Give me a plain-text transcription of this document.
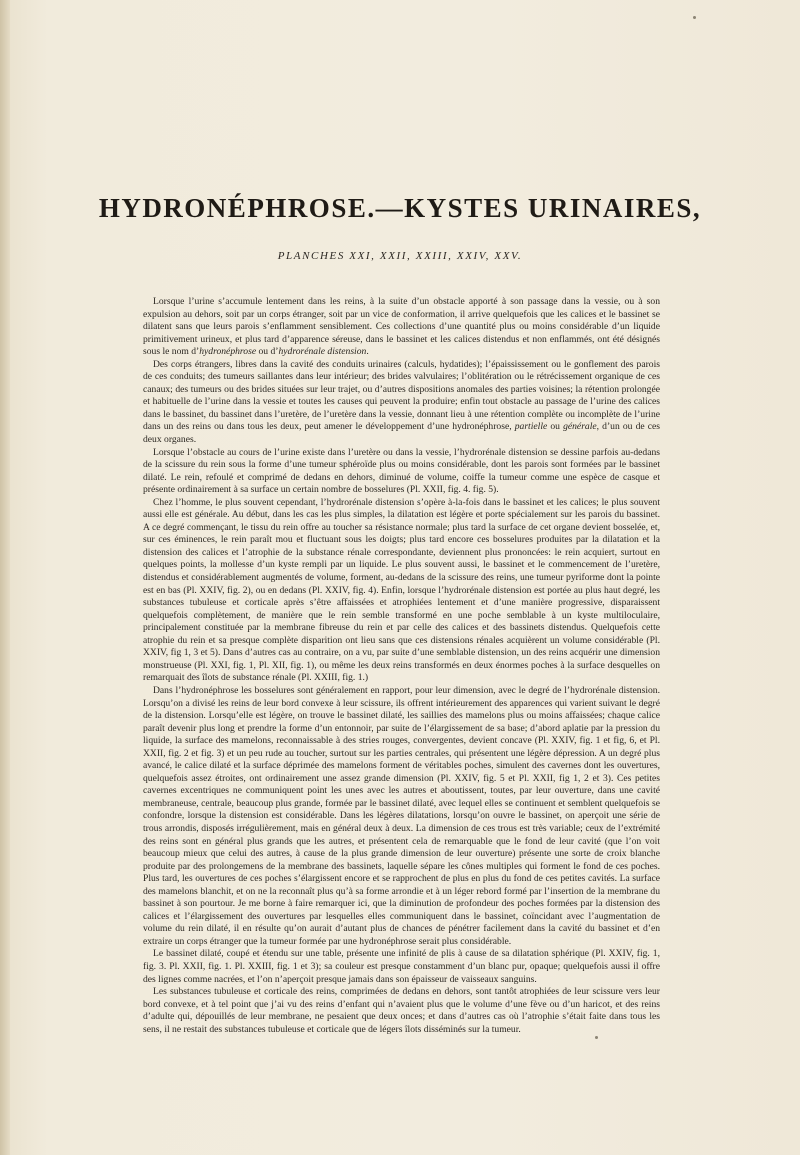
HYDRONÉPHROSE.—KYSTES URINAIRES,
PLANCHES XXI, XXII, XXIII, XXIV, XXV.

Lorsque l’urine s’accumule lentement dans les reins, à la suite d’un obstacle apporté à son passage dans la vessie, ou à son expulsion au dehors, soit par un corps étranger, soit par un vice de conformation, il arrive quelquefois que les calices et le bassinet se dilatent sans que leurs parois s’enflamment sensiblement. Ces collections d’une quantité plus ou moins considérable d’un liquide primitivement urineux, et plus tard d’apparence séreuse, dans le bassinet et les calices distendus et non enflammés, ont été désignés sous le nom d’hydronéphrose ou d’hydrorénale distension.

Des corps étrangers, libres dans la cavité des conduits urinaires (calculs, hydatides); l’épaississement ou le gonflement des parois de ces conduits; des tumeurs saillantes dans leur intérieur; des brides valvulaires; l’oblitération ou le rétrécissement organique de ces canaux; des tumeurs ou des brides situées sur leur trajet, ou d’autres dispositions anomales des parties voisines; la rétention prolongée et habituelle de l’urine dans la vessie et toutes les causes qui peuvent la produire; enfin tout obstacle au passage de l’urine des calices dans le bassinet, du bassinet dans l’uretère, de l’uretère dans la vessie, donnant lieu à une rétention complète ou incomplète de l’urine dans un des reins ou dans tous les deux, peut amener le développement d’une hydronéphrose, partielle ou générale, d’un ou de ces deux organes.

Lorsque l’obstacle au cours de l’urine existe dans l’uretère ou dans la vessie, l’hydrorénale distension se dessine parfois au-dedans de la scissure du rein sous la forme d’une tumeur sphéroïde plus ou moins considérable, dont les parois sont formées par le bassinet dilaté. Le rein, refoulé et comprimé de dedans en dehors, diminué de volume, coiffe la tumeur comme une espèce de casque et présente ordinairement à sa surface un certain nombre de bosselures (Pl. XXII, fig. 4. fig. 5).

Chez l’homme, le plus souvent cependant, l’hydrorénale distension s’opère à-la-fois dans le bassinet et les calices; le plus souvent aussi elle est générale. Au début, dans les cas les plus simples, la dilatation est légère et porte spécialement sur les parois du bassinet. A ce degré commençant, le tissu du rein offre au toucher sa résistance normale; plus tard la surface de cet organe devient bosselée, et, sur ces éminences, le rein paraît mou et fluctuant sous les doigts; plus tard encore ces bosselures produites par la dilatation et la distension des calices et l’atrophie de la substance rénale correspondante, deviennent plus prononcées: le rein acquiert, surtout en quelques points, la mollesse d’un kyste rempli par un liquide. Le plus souvent aussi, le bassinet et le commencement de l’uretère, distendus et considérablement augmentés de volume, forment, au-dedans de la scissure des reins, une tumeur pyriforme dont la pointe est en bas (Pl. XXIV, fig. 2), ou en dedans (Pl. XXIV, fig. 4). Enfin, lorsque l’hydrorénale distension est portée au plus haut degré, les substances tubuleuse et corticale après s’être affaissées et atrophiées lentement et d’une manière progressive, disparaissent quelquefois complètement, de manière que le rein semble transformé en une poche semblable à un kyste multiloculaire, principalement constituée par la membrane fibreuse du rein et par celle des calices et des bassinets distendus. Quelquefois cette atrophie du rein et sa presque complète disparition ont lieu sans que ces distensions rénales acquièrent un volume considérable (Pl. XXIV, fig 1, 3 et 5). Dans d’autres cas au contraire, on a vu, par suite d’une semblable distension, un des reins acquérir une dimension monstrueuse (Pl. XXI, fig. 1, Pl. XII, fig. 1), ou même les deux reins transformés en deux énormes poches à la surface desquelles on remarquait des îlots de substance rénale (Pl. XXIII, fig. 1.)

Dans l’hydronéphrose les bosselures sont généralement en rapport, pour leur dimension, avec le degré de l’hydrorénale distension. Lorsqu’on a divisé les reins de leur bord convexe à leur scissure, ils offrent intérieurement des apparences qui varient suivant le degré de la distension. Lorsqu’elle est légère, on trouve le bassinet dilaté, les saillies des mamelons plus ou moins affaissées; chaque calice paraît devenir plus long et prendre la forme d’un entonnoir, par suite de l’élargissement de sa base; d’abord aplatie par la pression du liquide, la surface des mamelons, reconnaissable à des stries rouges, convergentes, devient concave (Pl. XXIV, fig. 1 et fig, 6, et Pl. XXII, fig. 2 et fig. 3) et un peu rude au toucher, surtout sur les parties centrales, qui présentent une légère dépression. A un degré plus avancé, le calice dilaté et la surface déprimée des mamelons forment de véritables poches, simulent des cavernes dont les ouvertures, quelquefois assez étroites, ont ordinairement une assez grande dimension (Pl. XXIV, fig. 5 et Pl. XXII, fig 1, 2 et 3). Ces petites cavernes excentriques ne communiquent point les unes avec les autres et aboutissent, toutes, par leur ouverture, dans une cavité membraneuse, centrale, beaucoup plus grande, formée par le bassinet dilaté, avec lequel elles se continuent et semblent quelquefois se confondre, lorsque la distension est considérable. Dans les légères dilatations, lorsqu’on ouvre le bassinet, on aperçoit une série de trous arrondis, disposés irrégulièrement, mais en général deux à deux. La dimension de ces trous est très variable; ceux de l’extrémité des reins sont en général plus grands que les autres, et présentent cela de remarquable que le fond de leur cavité (que l’on voit beaucoup mieux que celui des autres, à cause de la plus grande dimension de leur ouverture) présente une sorte de croix blanche produite par des prolongemens de la membrane des bassinets, laquelle sépare les cônes multiples qui forment le fond de ces poches. Plus tard, les ouvertures de ces poches s’élargissent encore et se rapprochent de plus en plus du fond de ces petites cavités. La surface des mamelons blanchit, et on ne la reconnaît plus qu’à sa forme arrondie et à un léger rebord formé par l’insertion de la membrane du bassinet à son pourtour. Je me borne à faire remarquer ici, que la diminution de profondeur des poches formées par la distension des calices et l’élargissement des ouvertures par lesquelles elles communiquent dans le bassinet, coïncidant avec l’augmentation de volume du rein dilaté, il en résulte qu’on aurait d’autant plus de chances de pénétrer facilement dans la cavité du bassinet et d’en extraire un corps étranger que la tumeur formée par une hydronéphrose serait plus considérable.

Le bassinet dilaté, coupé et étendu sur une table, présente une infinité de plis à cause de sa dilatation sphérique (Pl. XXIV, fig. 1, fig. 3. Pl. XXII, fig. 1. Pl. XXIII, fig. 1 et 3); sa couleur est presque constamment d’un blanc pur, opaque; quelquefois aussi il offre des lignes comme nacrées, et l’on n’aperçoit presque jamais dans son épaisseur de vaisseaux sanguins.

Les substances tubuleuse et corticale des reins, comprimées de dedans en dehors, sont tantôt atrophiées de leur scissure vers leur bord convexe, et à tel point que j’ai vu des reins d’enfant qui n’avaient plus que le volume d’une fève ou d’un haricot, et des reins d’adulte qui, dépouillés de leur membrane, ne pesaient que deux onces; et dans d’autres cas où l’atrophie s’était faite dans tous les sens, il ne restait des substances tubuleuse et corticale que de légers îlots disséminés sur la tumeur.
